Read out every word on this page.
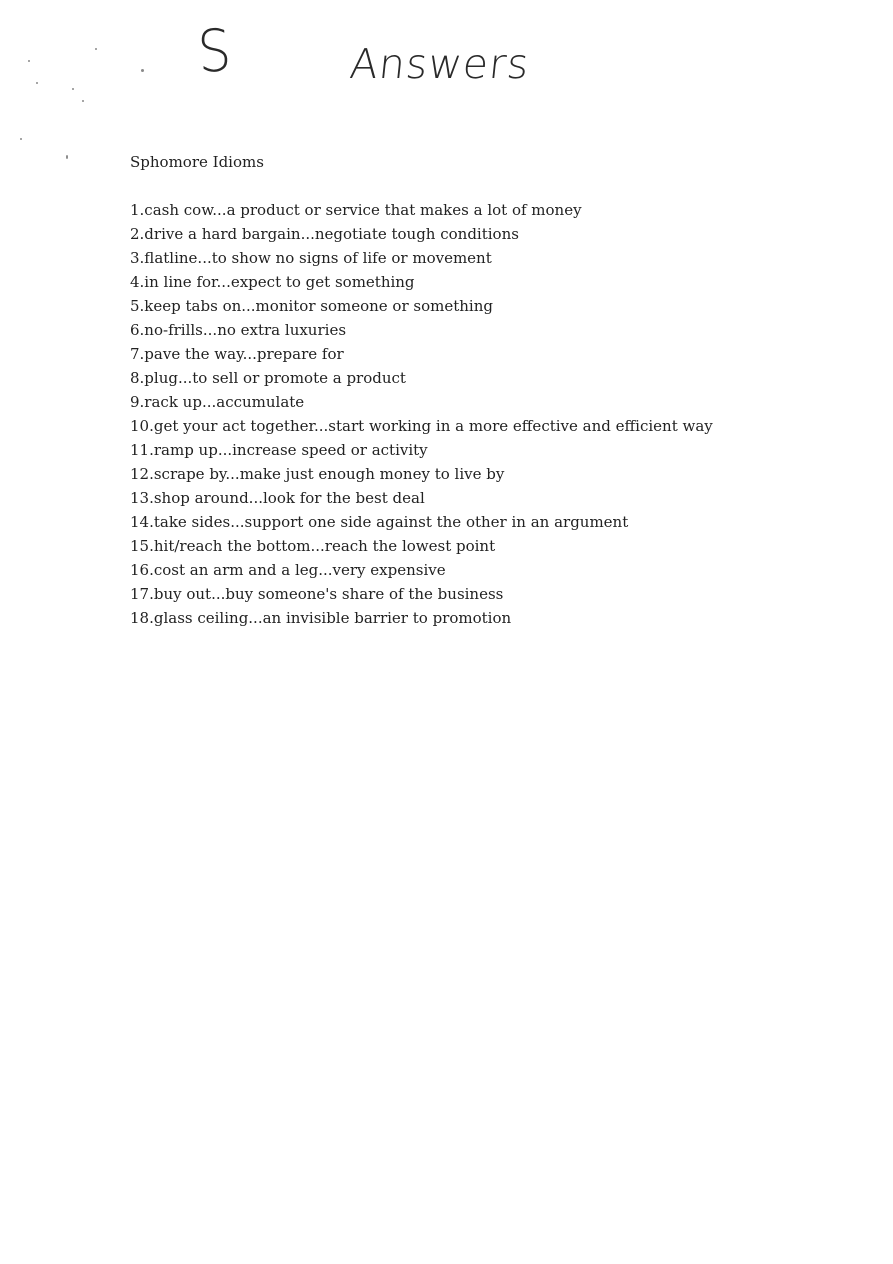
S	Answers
Sphomore Idioms
1.cash cow...a product or service that makes a lot of money
2.drive a hard bargain...negotiate tough conditions
3.flatline...to show no signs of life or movement
4.in line for...expect to get something
5.keep tabs on...monitor someone or something
6.no-frills...no extra luxuries
7.pave the way...prepare for
8.plug...to sell or promote a product
9.rack up...accumulate
10.get your act together...start working in a more effective and efficient way
11.ramp up...increase speed or activity
12.scrape by...make just enough money to live by
13.shop around...look for the best deal
14.take sides...support one side against the other in an argument
15.hit/reach the bottom...reach the lowest point
16.cost an arm and a leg...very expensive
17.buy out...buy someone's share of the business
18.glass ceiling...an invisible barrier to promotion
